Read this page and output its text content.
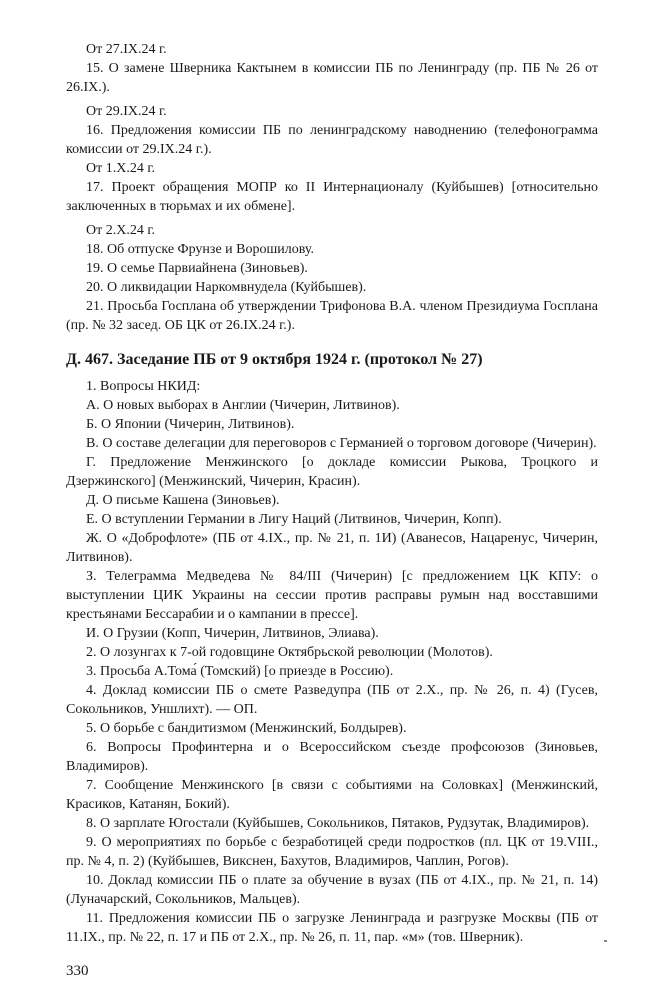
От 27.IX.24 г.

15. О замене Шверника Кактынем в комиссии ПБ по Ленинграду (пр. ПБ № 26 от 26.IX.).

От 29.IX.24 г.

16. Предложения комиссии ПБ по ленинградскому наводнению (телефонограмма комиссии от 29.IX.24 г.).

От 1.X.24 г.

17. Проект обращения МОПР ко II Интернационалу (Куйбышев) [относительно заключенных в тюрьмах и их обмене].

От 2.X.24 г.

18. Об отпуске Фрунзе и Ворошилову.

19. О семье Парвиайнена (Зиновьев).

20. О ликвидации Наркомвнудела (Куйбышев).

21. Просьба Госплана об утверждении Трифонова В.А. членом Президиума Госплана (пр. № 32 засед. ОБ ЦК от 26.IX.24 г.).

Д. 467. Заседание ПБ от 9 октября 1924 г. (протокол № 27)

1. Вопросы НКИД:

А. О новых выборах в Англии (Чичерин, Литвинов).

Б. О Японии (Чичерин, Литвинов).

В. О составе делегации для переговоров с Германией о торговом договоре (Чичерин).

Г. Предложение Менжинского [о докладе комиссии Рыкова, Троцкого и Дзержинского] (Менжинский, Чичерин, Красин).

Д. О письме Кашена (Зиновьев).

Е. О вступлении Германии в Лигу Наций (Литвинов, Чичерин, Копп).

Ж. О «Доброфлоте» (ПБ от 4.IX., пр. № 21, п. 1И) (Аванесов, Нацаренус, Чичерин, Литвинов).

З. Телеграмма Медведева № 84/III (Чичерин) [с предложением ЦК КПУ: о выступлении ЦИК Украины на сессии против расправы румын над восставшими крестьянами Бессарабии и о кампании в прессе].

И. О Грузии (Копп, Чичерин, Литвинов, Элиава).

2. О лозунгах к 7-ой годовщине Октябрьской революции (Молотов).

3. Просьба А.Тома́ (Томский) [о приезде в Россию).

4. Доклад комиссии ПБ о смете Разведупра (ПБ от 2.X., пр. № 26, п. 4) (Гусев, Сокольников, Уншлихт). — ОП.

5. О борьбе с бандитизмом (Менжинский, Болдырев).

6. Вопросы Профинтерна и о Всероссийском съезде профсоюзов (Зиновьев, Владимиров).

7. Сообщение Менжинского [в связи с событиями на Соловках] (Менжинский, Красиков, Катанян, Бокий).

8. О зарплате Югостали (Куйбышев, Сокольников, Пятаков, Рудзутак, Владимиров).

9. О мероприятиях по борьбе с безработицей среди подростков (пл. ЦК от 19.VIII., пр. № 4, п. 2) (Куйбышев, Викснен, Бахутов, Владимиров, Чаплин, Рогов).

10. Доклад комиссии ПБ о плате за обучение в вузах (ПБ от 4.IX., пр. № 21, п. 14) (Луначарский, Сокольников, Мальцев).

11. Предложения комиссии ПБ о загрузке Ленинграда и разгрузке Москвы (ПБ от 11.IX., пр. № 22, п. 17 и ПБ от 2.X., пр. № 26, п. 11, пар. «м» (тов. Шверник).

330
